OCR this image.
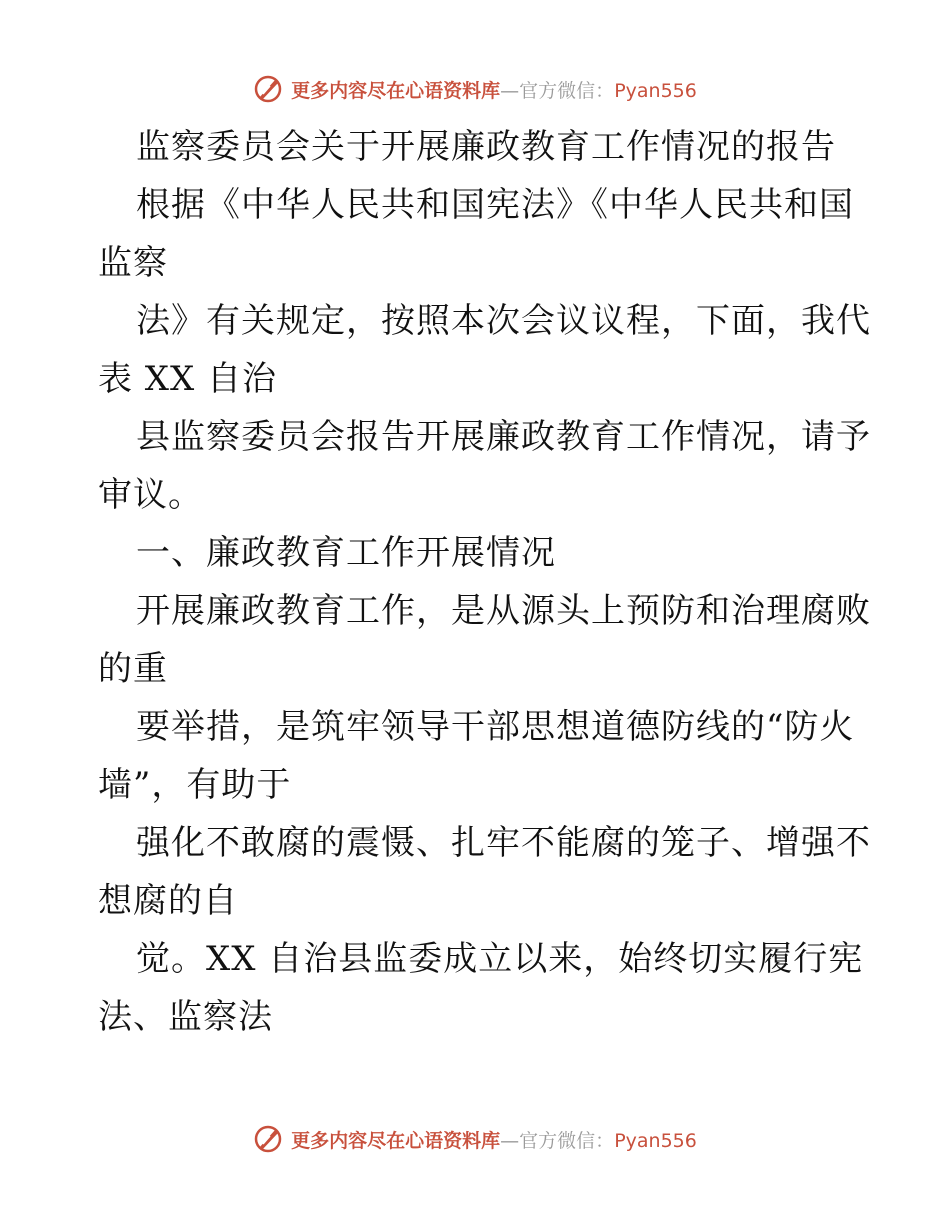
更多内容尽在心语资料库—官方微信：Pyan556
监察委员会关于开展廉政教育工作情况的报告
根据《中华人民共和国宪法》《中华人民共和国
监察
法》有关规定，按照本次会议议程，下面，我代
表 XX 自治
县监察委员会报告开展廉政教育工作情况，请予
审议。
一、廉政教育工作开展情况
开展廉政教育工作，是从源头上预防和治理腐败
的重
要举措，是筑牢领导干部思想道德防线的“防火
墙”，有助于
强化不敢腐的震慑、扎牢不能腐的笼子、增强不
想腐的自
觉。XX 自治县监委成立以来，始终切实履行宪
法、监察法
更多内容尽在心语资料库—官方微信：Pyan556
